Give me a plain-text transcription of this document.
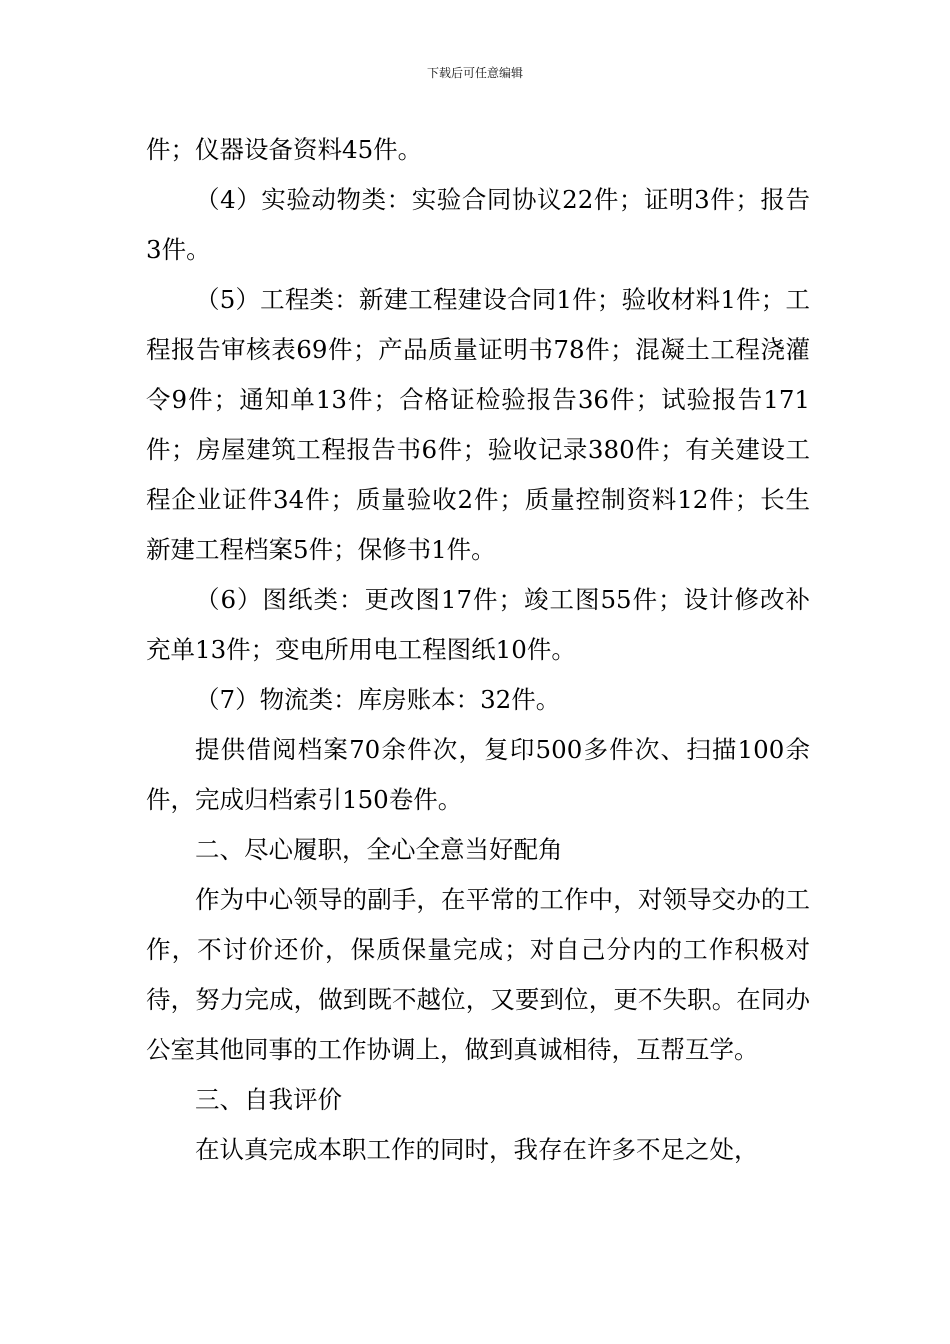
下载后可任意编辑

件；仪器设备资料45件。

（4）实验动物类：实验合同协议22件；证明3件；报告3件。

（5）工程类：新建工程建设合同1件；验收材料1件；工程报告审核表69件；产品质量证明书78件；混凝土工程浇灌令9件；通知单13件；合格证检验报告36件；试验报告171件；房屋建筑工程报告书6件；验收记录380件；有关建设工程企业证件34件；质量验收2件；质量控制资料12件；长生新建工程档案5件；保修书1件。

（6）图纸类：更改图17件；竣工图55件；设计修改补充单13件；变电所用电工程图纸10件。

（7）物流类：库房账本：32件。

提供借阅档案70余件次，复印500多件次、扫描100余件，完成归档索引150卷件。

二、尽心履职，全心全意当好配角

作为中心领导的副手，在平常的工作中，对领导交办的工作，不讨价还价，保质保量完成；对自己分内的工作积极对待，努力完成，做到既不越位，又要到位，更不失职。在同办公室其他同事的工作协调上，做到真诚相待，互帮互学。

三、自我评价

在认真完成本职工作的同时，我存在许多不足之处，
